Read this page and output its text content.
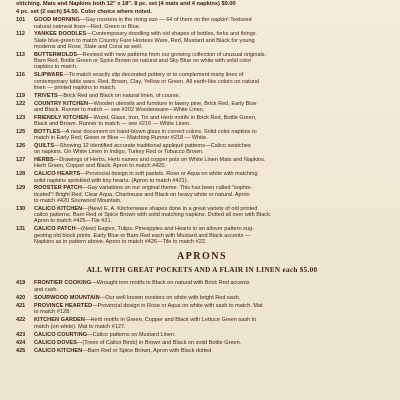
stitching. Mats and Napkins both 12" x 18". 8 pc. set (4 mats and 4 napkins) $9.00

4 pc. set (2 each) $4.50. Color choice where noted.

101	GOOD MORNING—Gay roosters in the rising sun — 64 of them on the napkin! Textured
natural oatmeal linen—Red, Green or Blue.
112	YANKEE DOODLES—Contemporary doodling with old shapes of bottles, forks and things.
Slate blue-green to match Country Fare Hostess Ware, Red, Mustard and Black for young
moderns and Rose, Slate and Coral as well.
113	BUTTERMOLDS—Revised with new patterns from our growing collection of unusual originals.
Barn Red, Bottle Green or Spice Brown on natural and Sky Blue on white with solid color
napkins to match.
116	SLIPWARE—To match exactly slip decorated pottery or to complement many lines of
contemporary table ware. Red, Brown, Clay, Yellow or Green. All earth-like colors on natural
linen — printed napkins to match.
119	TRIVETS—Brick Red and Black on natural linen, of course.
122	COUNTRY KITCHEN—Wooden utensils and furniture in tawny pine, Brick Red, Early Blue
and Black. Runner to match — see #202 Woodenware—White Linen.
123	FRIENDLY KITCHEN—Wood, Glass, Iron, Tin and Herb motifs in Brick Red, Bottle Green,
Black and Brown. Runner to match — see #216 — White Linen.
125	BOTTLES—A near document on hand-blown glass in correct colors. Solid color napkins to
match in Early Red, Green or Blue — Matching Runner #218 — White.
126	QUILTS—Showing 12 identified accurate traditional appliqué patterns—Calico swatches
on napkins. On White Linen in Indigo, Turkey Red or Tobacco Brown.
127	HERBS—Drawings of Herbs, Herb names and copper pots on White Linen Mats and Napkins.
Herb Green, Copper and Black. Apron to match #420.
128	CALICO HEARTS—Provincial design in soft pastels. Rose or Aqua on white with matching
solid napkins sprinkled with tiny hearts. (Apron to match #421).
129	ROOSTER PATCH—Gay variations on our original theme. This has been called "sophis-
ticated"! Bright Red, Clear Aqua, Chartreuse and Black on heavy white or natural. Apron
to match #420 Sourwood Mountain.
130	CALICO KITCHEN—(New) E. A. Kitchenware shapes done in a great variety of old printed
calico patterns. Barn Red or Spice Brown with solid matching napkins. Dotted all over with Black.
Apron to match #425—Tile #21.
131	CALICO PATCH—(New) Eagles, Tulips, Pineapples and Hearts in an allover pattern sug-
gesting old block prints. Early Blue or Barn Red each with Mustard and Black accents —
Napkins as in pattern above. Apron to match #426—Tile to match #22.
APRONS
ALL WITH GREAT POCKETS AND A FLAIR IN LINEN each $5.00
419	FRONTIER COOKING—Wrought iron motifs in Black on natural with Brick Red accents
and cash.
420	SOURWOOD MOUNTAIN—Our well known roosters on white with bright Red sash.
421	PROVINCE HEARTED—Provincial design in Rose or Aqua on white with sash to match. Mat
to match #128.
422	KITCHEN GARDEN—Herb motifs in Green, Copper and Black with Lettuce Green sash to
match (on white). Mat to match #127.
423	CALICO COURTING—Calico patterns on Mustard Linen.
424	CALICO DOVES—(Trees of Calico Birds) in Brown and Black on solid Bottle Green.
425	CALICO KITCHEN—Barn Red or Spice Brown, Apron with Black dotted
